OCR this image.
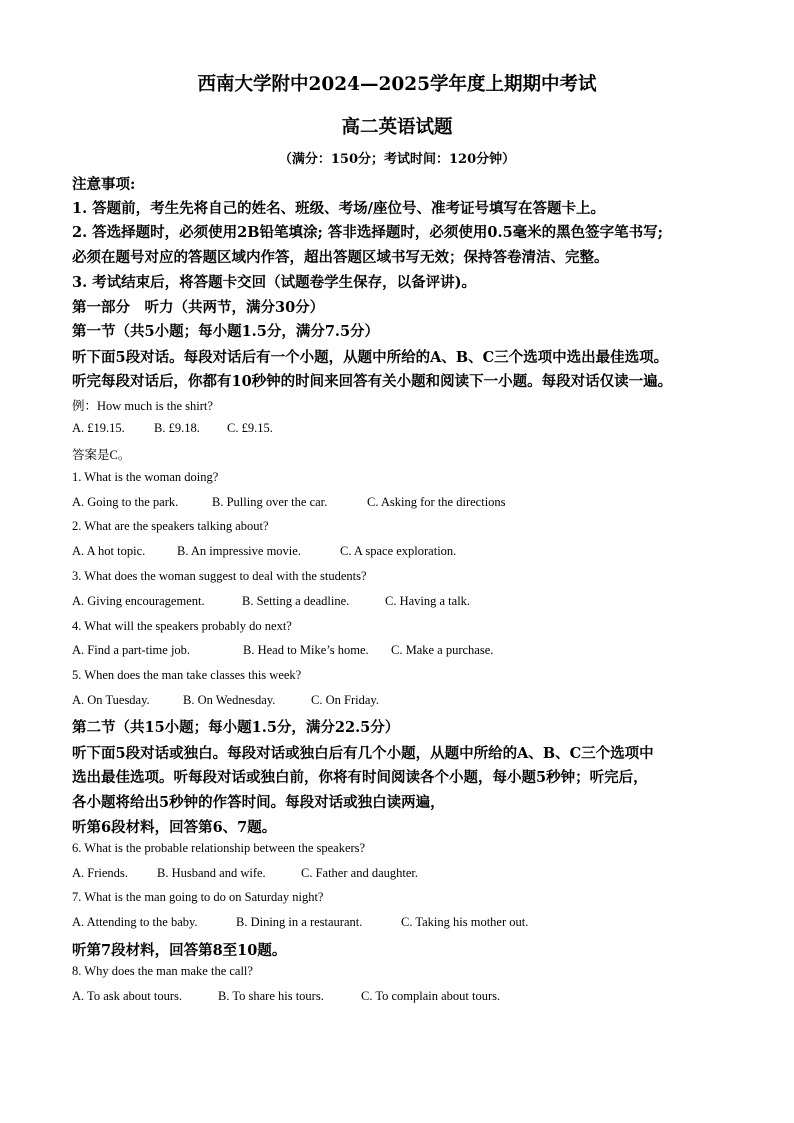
西南大学附中2024—2025学年度上期期中考试
高二英语试题
（满分：150分；考试时间：120分钟）
注意事项:
1. 答题前，考生先将自己的姓名、班级、考场/座位号、准考证号填写在答题卡上。
2. 答选择题时，必须使用2B铅笔填涂; 答非选择题时，必须使用0.5毫米的黑色签字笔书写;
必须在题号对应的答题区域内作答，超出答题区域书写无效；保持答卷清洁、完整。
3. 考试结束后，将答题卡交回（试题卷学生保存，以备评讲)。
第一部分　听力（共两节，满分30分）
第一节（共5小题；每小题1.5分，满分7.5分）
听下面5段对话。每段对话后有一个小题，从题中所给的A、B、C三个选项中选出最佳选项。
听完每段对话后，你都有10秒钟的时间来回答有关小题和阅读下一小题。每段对话仅读一遍。
例：How much is the shirt?
A. £19.15. B. £9.18. C. £9.15.
答案是C。
1. What is the woman doing?
A. Going to the park.	B. Pulling over the car.	C. Asking for the directions
2. What are the speakers talking about?
A. A hot topic.	B. An impressive movie.	C. A space exploration.
3. What does the woman suggest to deal with the students?
A. Giving encouragement.	B. Setting a deadline.	C. Having a talk.
4. What will the speakers probably do next?
A. Find a part-time job.	B. Head to Mike’s home. C. Make a purchase.
5. When does the man take classes this week?
A. On Tuesday.	B. On Wednesday.	C. On Friday.
第二节（共15小题；每小题1.5分，满分22.5分）
听下面5段对话或独白。每段对话或独白后有几个小题，从题中所给的A、B、C三个选项中
选出最佳选项。听每段对话或独白前，你将有时间阅读各个小题，每小题5秒钟；听完后，
各小题将给出5秒钟的作答时间。每段对话或独白读两遍，
听第6段材料，回答第6、7题。
6. What is the probable relationship between the speakers?
A. Friends. B. Husband and wife.	C. Father and daughter.
7. What is the man going to do on Saturday night?
A. Attending to the baby.	B. Dining in a restaurant.	C. Taking his mother out.
听第7段材料，回答第8至10题。
8. Why does the man make the call?
A. To ask about tours.	B. To share his tours.	C. To complain about tours.
